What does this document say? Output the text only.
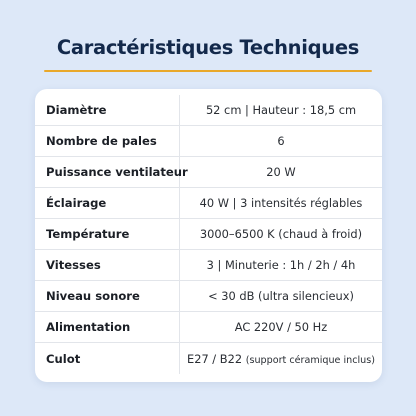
Caractéristiques Techniques
Diamètre	52 cm | Hauteur : 18,5 cm
Nombre de pales	6
Puissance ventilateur	20 W
Éclairage	40 W | 3 intensités réglables
Température	3000–6500 K (chaud à froid)
Vitesses	3 | Minuterie : 1h / 2h / 4h
Niveau sonore	< 30 dB (ultra silencieux)
Alimentation	AC 220V / 50 Hz
Culot	E27 / B22 (support céramique inclus)
